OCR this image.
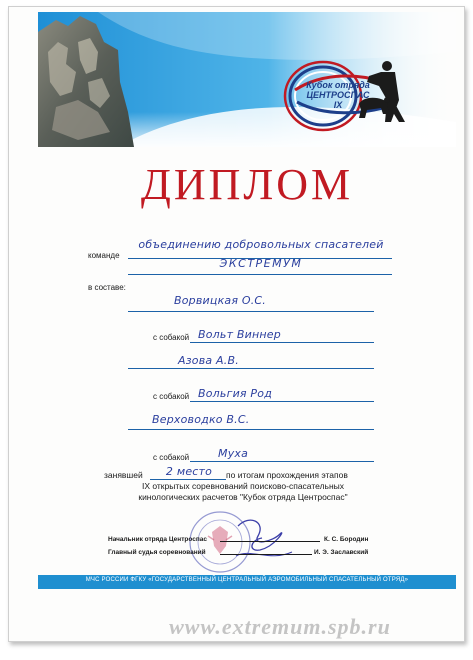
Кубок отряда
ЦЕНТРОСПАС
IX
ДИПЛОМ
команде
объединению добровольных спасателей
ЭКСТРЕМУМ
в составе:
Ворвицкая О.С.
с собакой Вольт Виннер
Азова А.В.
с собакой Вольгия Род
Верховодко В.С.
с собакой	Муха
занявшей	2 место	по итогам прохождения этапов
IX открытых соревнований поисково-спасательных
кинологических расчетов "Кубок отряда Центроспас"
Начальник отряда Центроспас	К. С. Бородин
Главный судья соревнований	И. Э. Заславский
МЧС РОССИИ ФГКУ «ГОСУДАРСТВЕННЫЙ ЦЕНТРАЛЬНЫЙ АЭРОМОБИЛЬНЫЙ СПАСАТЕЛЬНЫЙ ОТРЯД»
www.extremum.spb.ru
